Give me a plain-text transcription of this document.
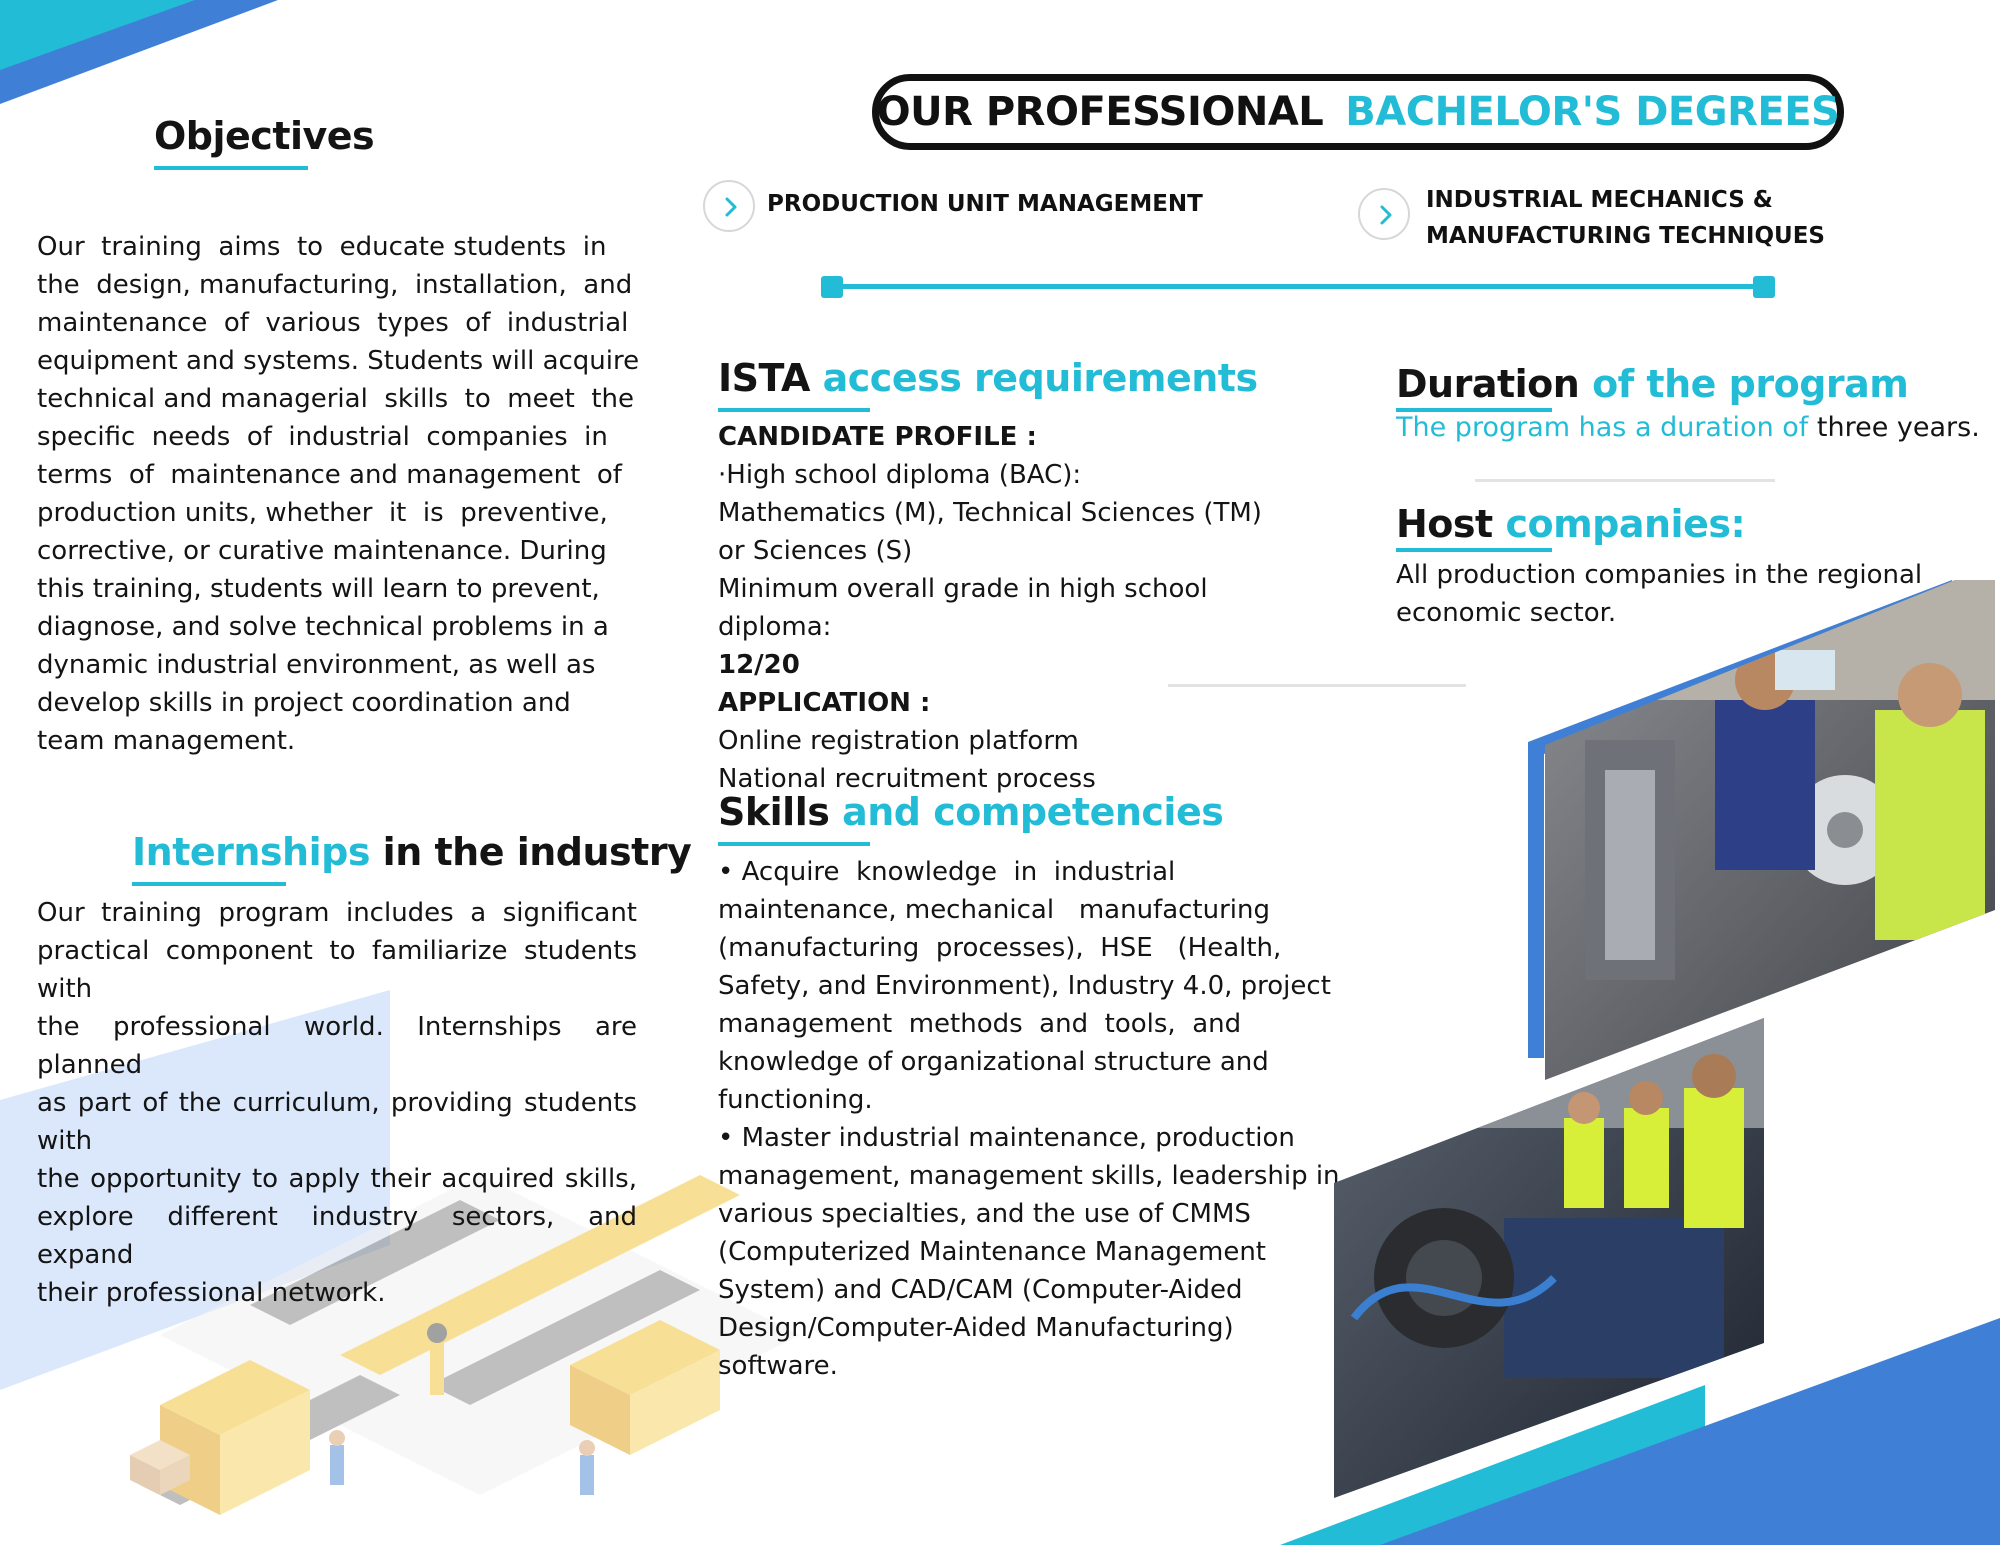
Objectives
Our  training  aims  to  educate students  in
the  design, manufacturing,  installation,  and
maintenance  of  various  types  of  industrial
equipment and systems. Students will acquire
technical and managerial  skills  to  meet  the
specific  needs  of  industrial  companies  in
terms  of  maintenance and management  of
production units, whether  it  is  preventive,
corrective, or curative maintenance. During
this training, students will learn to prevent,
diagnose, and solve technical problems in a
dynamic industrial environment, as well as
develop skills in project coordination and
team management.
Internships in the industry
Our training program includes a significant
practical component to familiarize students with
the professional world. Internships are planned
as part of the curriculum, providing students with
the opportunity to apply their acquired skills,
explore different industry sectors, and expand
their professional network.
OUR PROFESSIONAL BACHELOR'S DEGREES
PRODUCTION UNIT MANAGEMENT	INDUSTRIAL MECHANICS &
MANUFACTURING TECHNIQUES
ISTA access requirements
CANDIDATE PROFILE :
·High school diploma (BAC):
Mathematics (M), Technical Sciences (TM)
or Sciences (S)
Minimum overall grade in high school diploma:
12/20
APPLICATION :
Online registration platform
National recruitment process
Skills and competencies
• Acquire  knowledge  in  industrial
maintenance, mechanical   manufacturing
(manufacturing  processes),  HSE   (Health,
Safety, and Environment), Industry 4.0, project
management  methods  and  tools,  and
knowledge of organizational structure and
functioning.
• Master industrial maintenance, production
management, management skills, leadership in
various specialties, and the use of CMMS
(Computerized Maintenance Management
System) and CAD/CAM (Computer-Aided
Design/Computer-Aided Manufacturing)
software.
Duration of the program
The program has a duration of three years.
Host companies:
All production companies in the regional
economic sector.
